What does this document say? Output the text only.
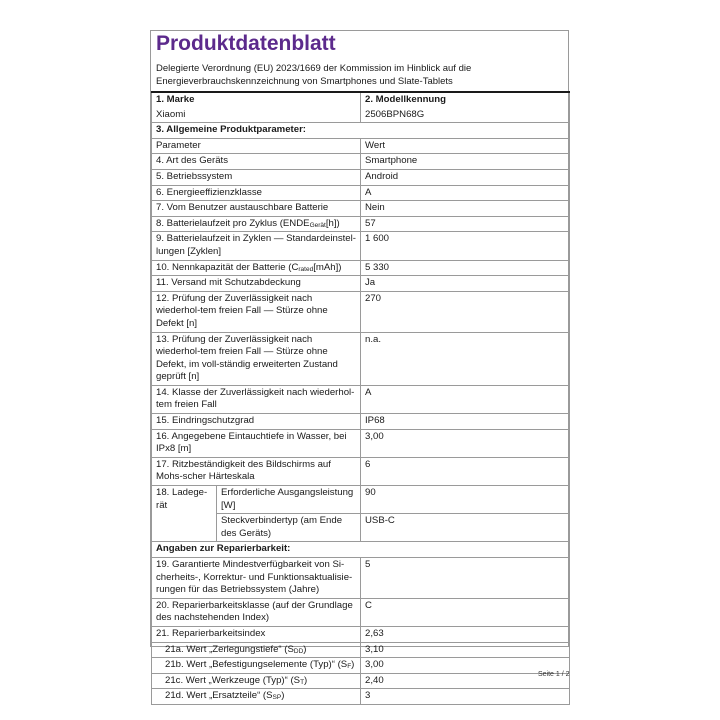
Produktdatenblatt
Delegierte Verordnung (EU) 2023/1669 der Kommission im Hinblick auf die Energieverbrauchskennzeichnung von Smartphones und Slate-Tablets
1. Marke		2. Modellkennung
Xiaomi		2506BPN68G
3. Allgemeine Produktparameter:		
Parameter		Wert
4. Art des Geräts		Smartphone
5. Betriebssystem		Android
6. Energieeffizienzklasse		A
7. Vom Benutzer austauschbare Batterie		Nein
8. Batterielaufzeit pro Zyklus (ENDEGerät[h])		57
9. Batterielaufzeit in Zyklen — Standardeinstel-lungen [Zyklen]		1 600
10. Nennkapazität der Batterie (Crated[mAh])		5 330
11. Versand mit Schutzabdeckung		Ja
12. Prüfung der Zuverlässigkeit nach wiederhol-tem freien Fall — Stürze ohne Defekt [n]		270
13. Prüfung der Zuverlässigkeit nach wiederhol-tem freien Fall — Stürze ohne Defekt, im voll-ständig erweiterten Zustand geprüft [n]		n.a.
14. Klasse der Zuverlässigkeit nach wiederhol-tem freien Fall		A
15. Eindringschutzgrad		IP68
16. Angegebene Eintauchtiefe in Wasser, bei IPx8 [m]		3,00
17. Ritzbeständigkeit des Bildschirms auf Mohs-scher Härteskala		6
18. Ladege-rät	Erforderliche Ausgangsleistung [W]	90
	Steckverbindertyp (am Ende des Geräts)	USB-C
Angaben zur Reparierbarkeit:		
19. Garantierte Mindestverfügbarkeit von Si-cherheits-, Korrektur- und Funktionsaktualisie-rungen für das Betriebssystem (Jahre)		5
20. Reparierbarkeitsklasse (auf der Grundlage des nachstehenden Index)		C
21. Reparierbarkeitsindex		2,63
21a. Wert „Zerlegungstiefe“ (SDD)		3,10
21b. Wert „Befestigungselemente (Typ)“ (SF)		3,00
21c. Wert „Werkzeuge (Typ)“ (ST)		2,40
21d. Wert „Ersatzteile“ (SSP)		3
Seite 1 / 2
